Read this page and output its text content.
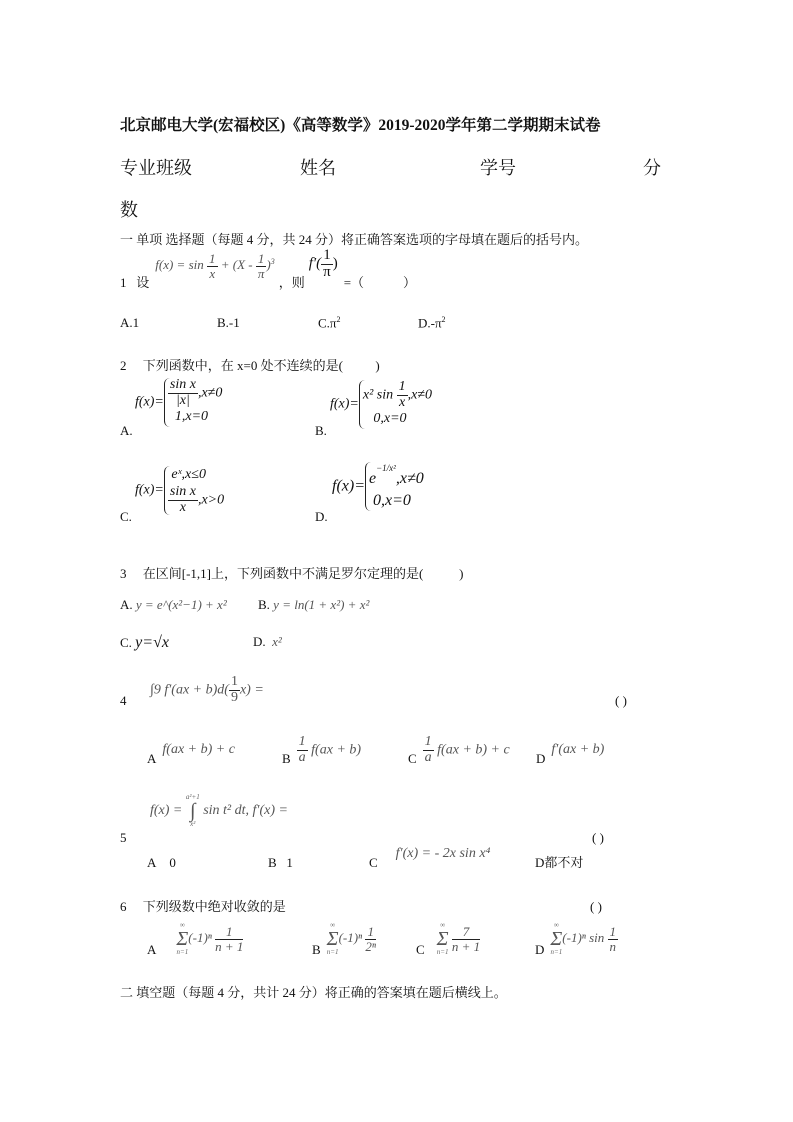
北京邮电大学(宏福校区)《高等数学》2019-2020学年第二学期期末试卷
专业班级	姓名	学号	分
数
一 单项 选择题（每题 4 分，共 24 分）将正确答案选项的字母填在题后的括号内。
1 设
$f(x) = \sin \frac{1}{x} + (X - \frac{1}{\pi} )^3$
，则
$f'( \frac{1}{\pi}$ )
=（	）
A.1	B.-1	$C.\pi^2$	$D.-\pi^2$
2 下列函数中，在 x=0 处不连续的是(	)
A.
$f(x)= \frac{\text{sin x}}{|x|} ,x\ne 0$
1,x=0
B.
f(x)=x² $\sin \frac{1}{x} ,x\ne 0$
0,x=0
C.
f(x)= eˣ,x≤0

$\frac{\text{sin x}}{x} ,x>0$
D.
$f(x)= e^{-1/x^2},x\ne 0$
0,x=0
3 在区间[-1,1]上，下列函数中不满足罗尔定理的是(	)
A. y = e^(x²−1) + x² B. y = ln(1 + x²) + x²
C. y=√x	D. x²
4
∫9 $f'(ax + b)d( \frac{1}{9} x)$ =
( )
A
f(ax + b) + c
B $\frac{1}{a} f(ax + b)$
C $\frac{1}{a} f(ax + b) + c$
D
f′(ax + b)
5
f(x) =
a²+1
∫
x²
sin t² dt, f′(x) =
( )
A
0	B
1	C
f′(x) = - 2x sin x⁴
D 都不对
6 下列级数中绝对收敛的是	( )
A
∞
Σ
n=1
$(-1)^n \frac{1}{n + 1}$	B
∞
Σ
n=1
$(-1)^n \frac{1}{\text{2ⁿ}}$	C
∞
Σ
n=1
$\frac{7}{n + 1}$	D
∞
Σ
n=1
(-1)ⁿ $\sin \frac{1}{n}$
二 填空题（每题 4 分，共计 24 分）将正确的答案填在题后横线上。
